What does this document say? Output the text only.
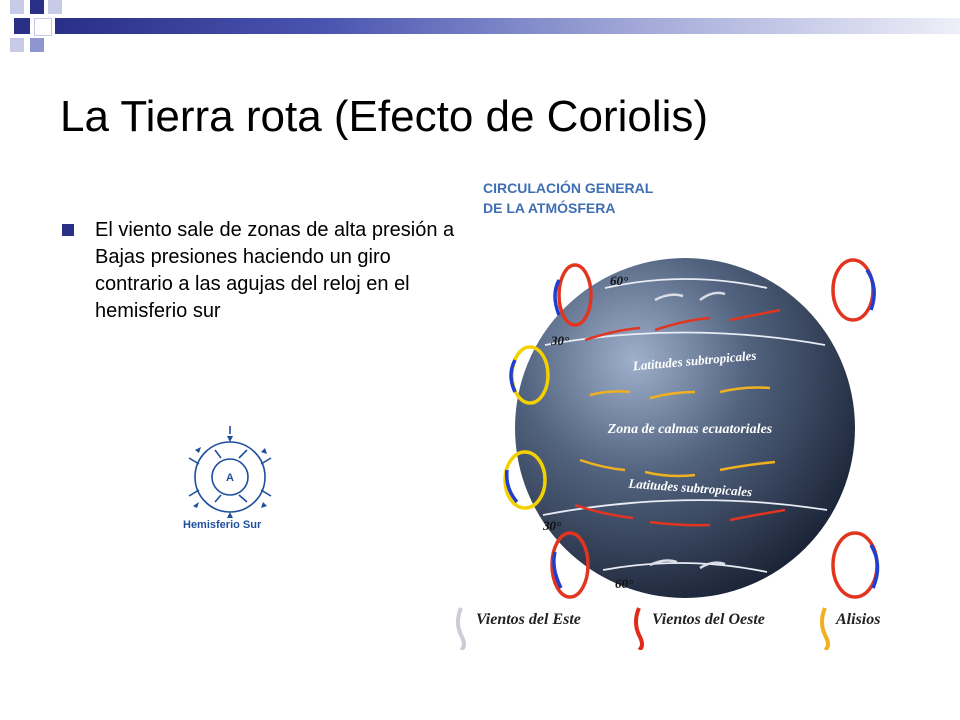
La Tierra rota (Efecto de Coriolis)
El viento sale de zonas de alta presión a Bajas presiones haciendo un giro contrario a las agujas del reloj en el hemisferio sur
A
Hemisferio Sur
CIRCULACIÓN GENERAL
DE LA ATMÓSFERA
Latitudes subtropicales
Zona de calmas ecuatoriales
Latitudes subtropicales
60°
30°
30°
60°
Vientos del Este	Vientos del Oeste	Alisios
